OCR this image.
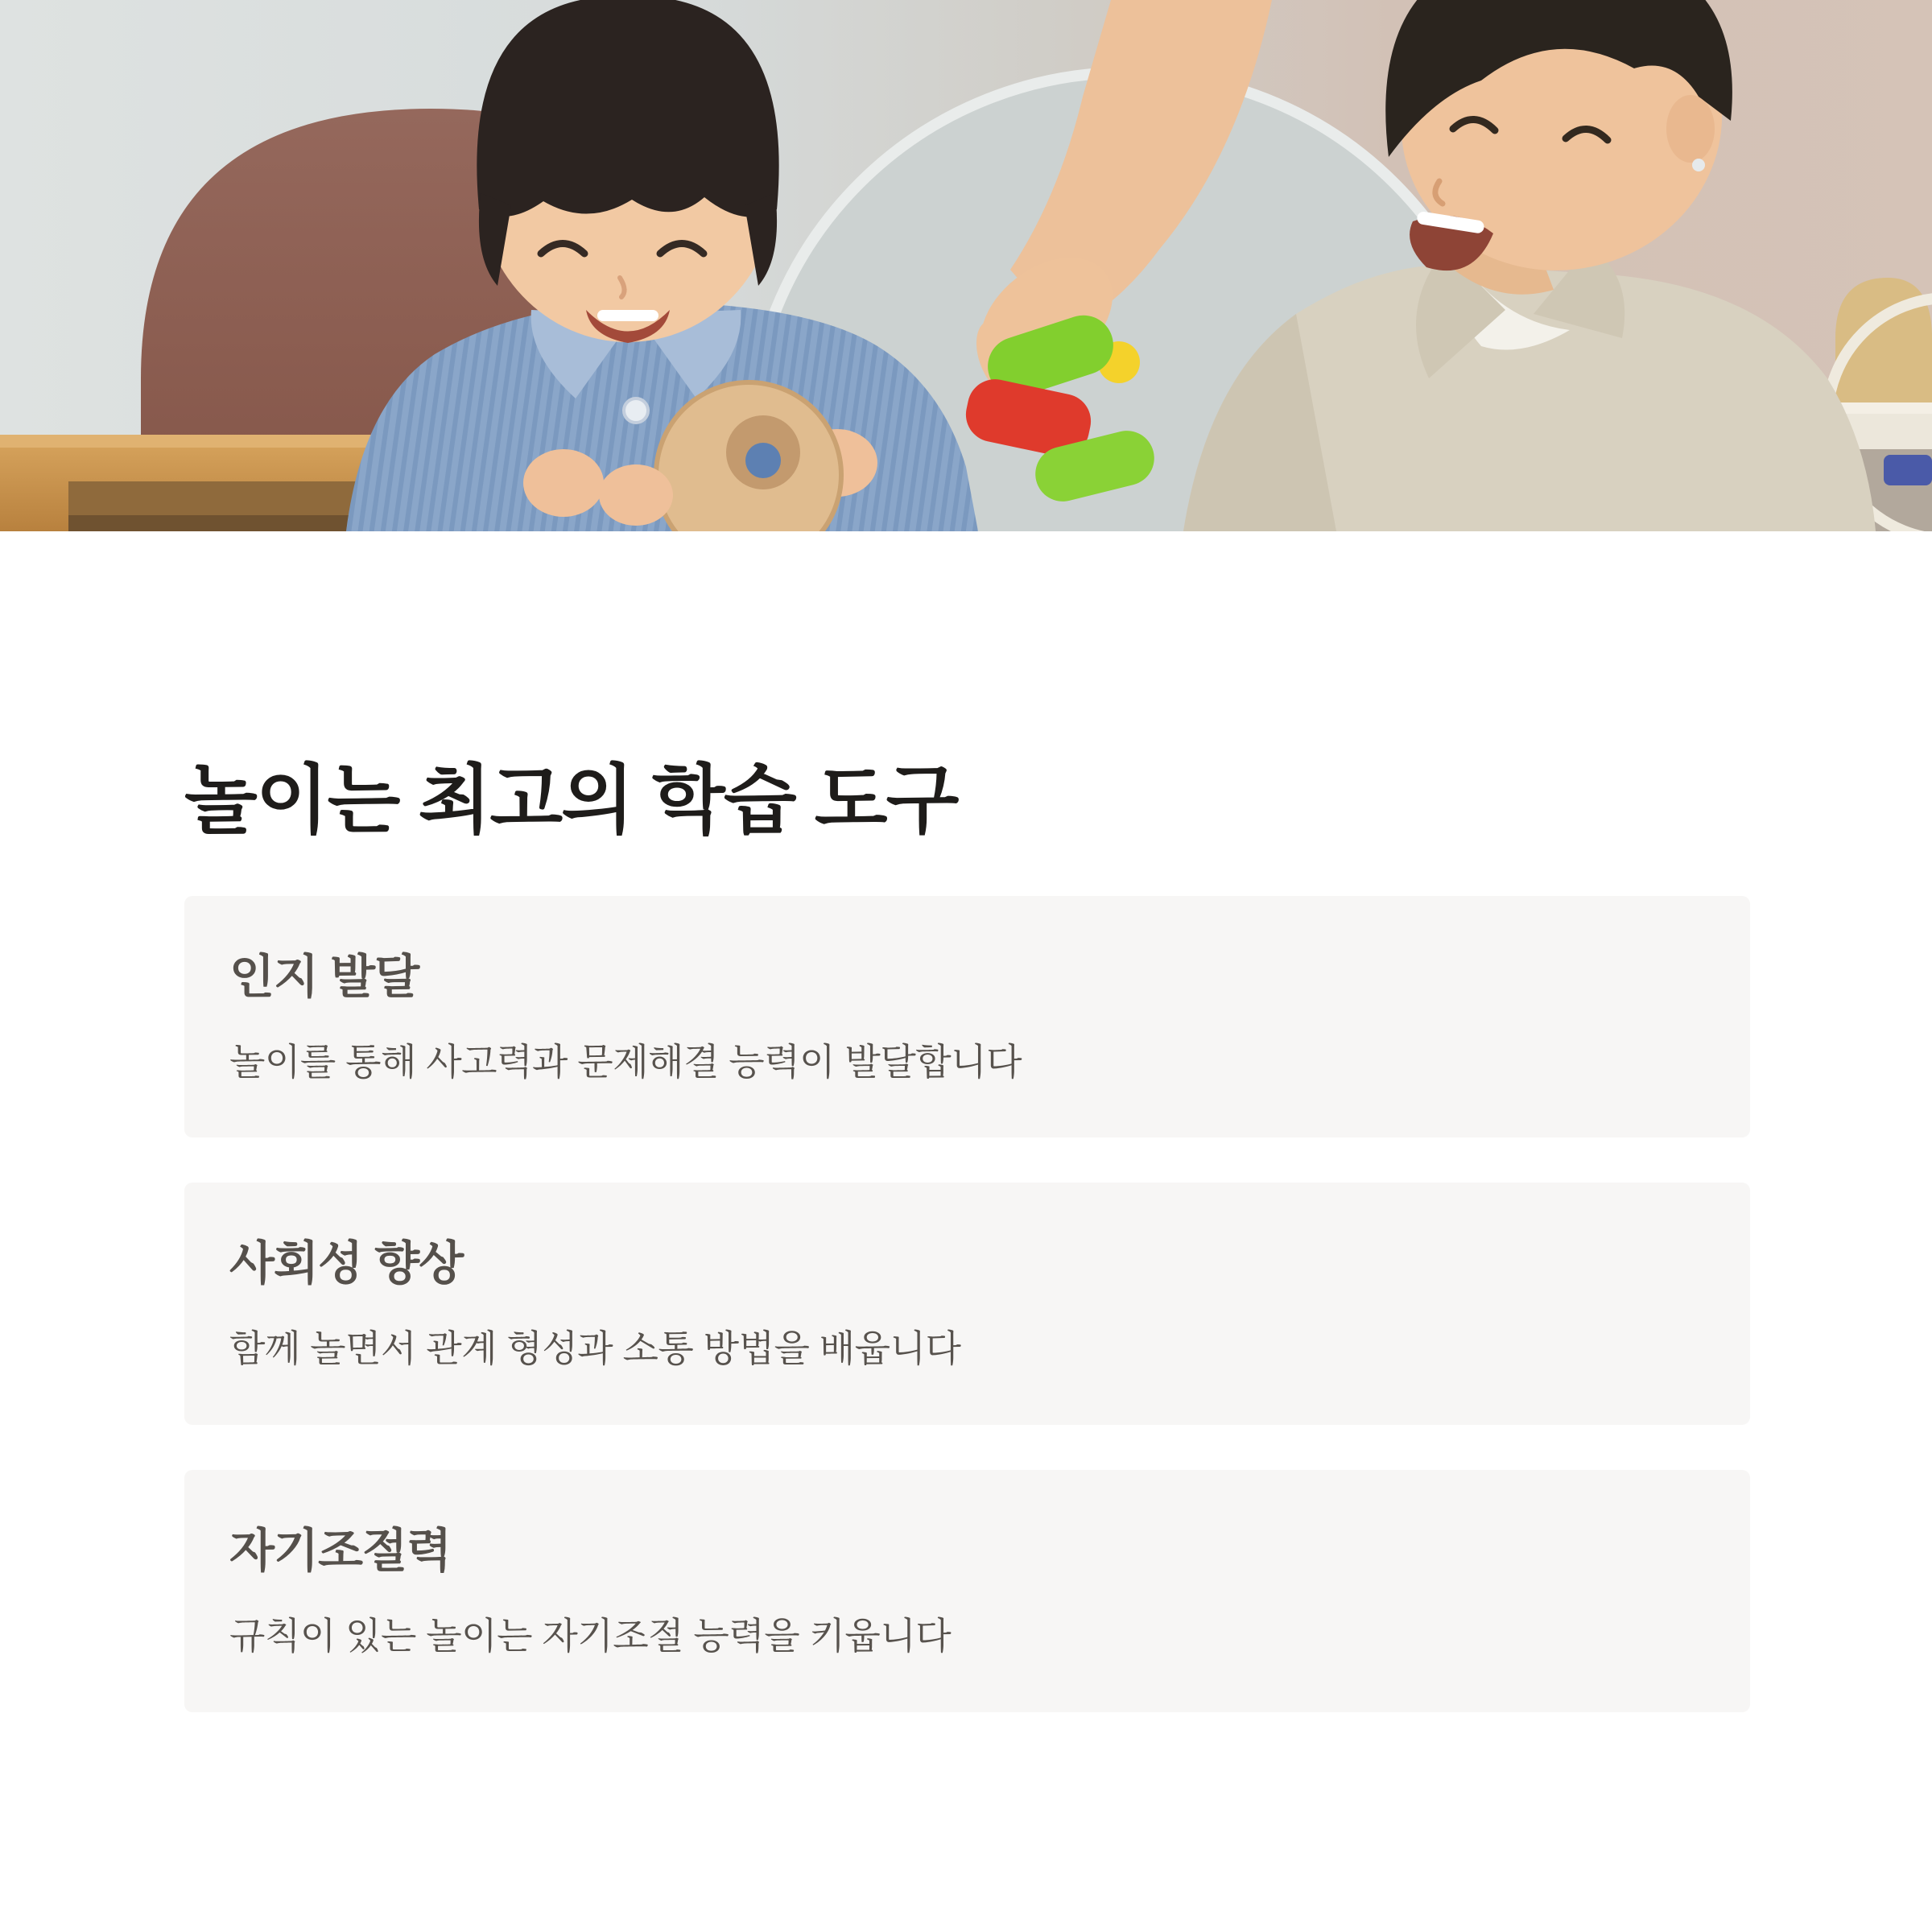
놀이는 최고의 학습 도구
인지 발달

놀이를 통해 사고력과 문제해결 능력이 발달합니다

사회성 향상

함께 놀면서 관계 형성과 소통 방법을 배웁니다

자기조절력

규칙이 있는 놀이는 자기조절 능력을 키웁니다
